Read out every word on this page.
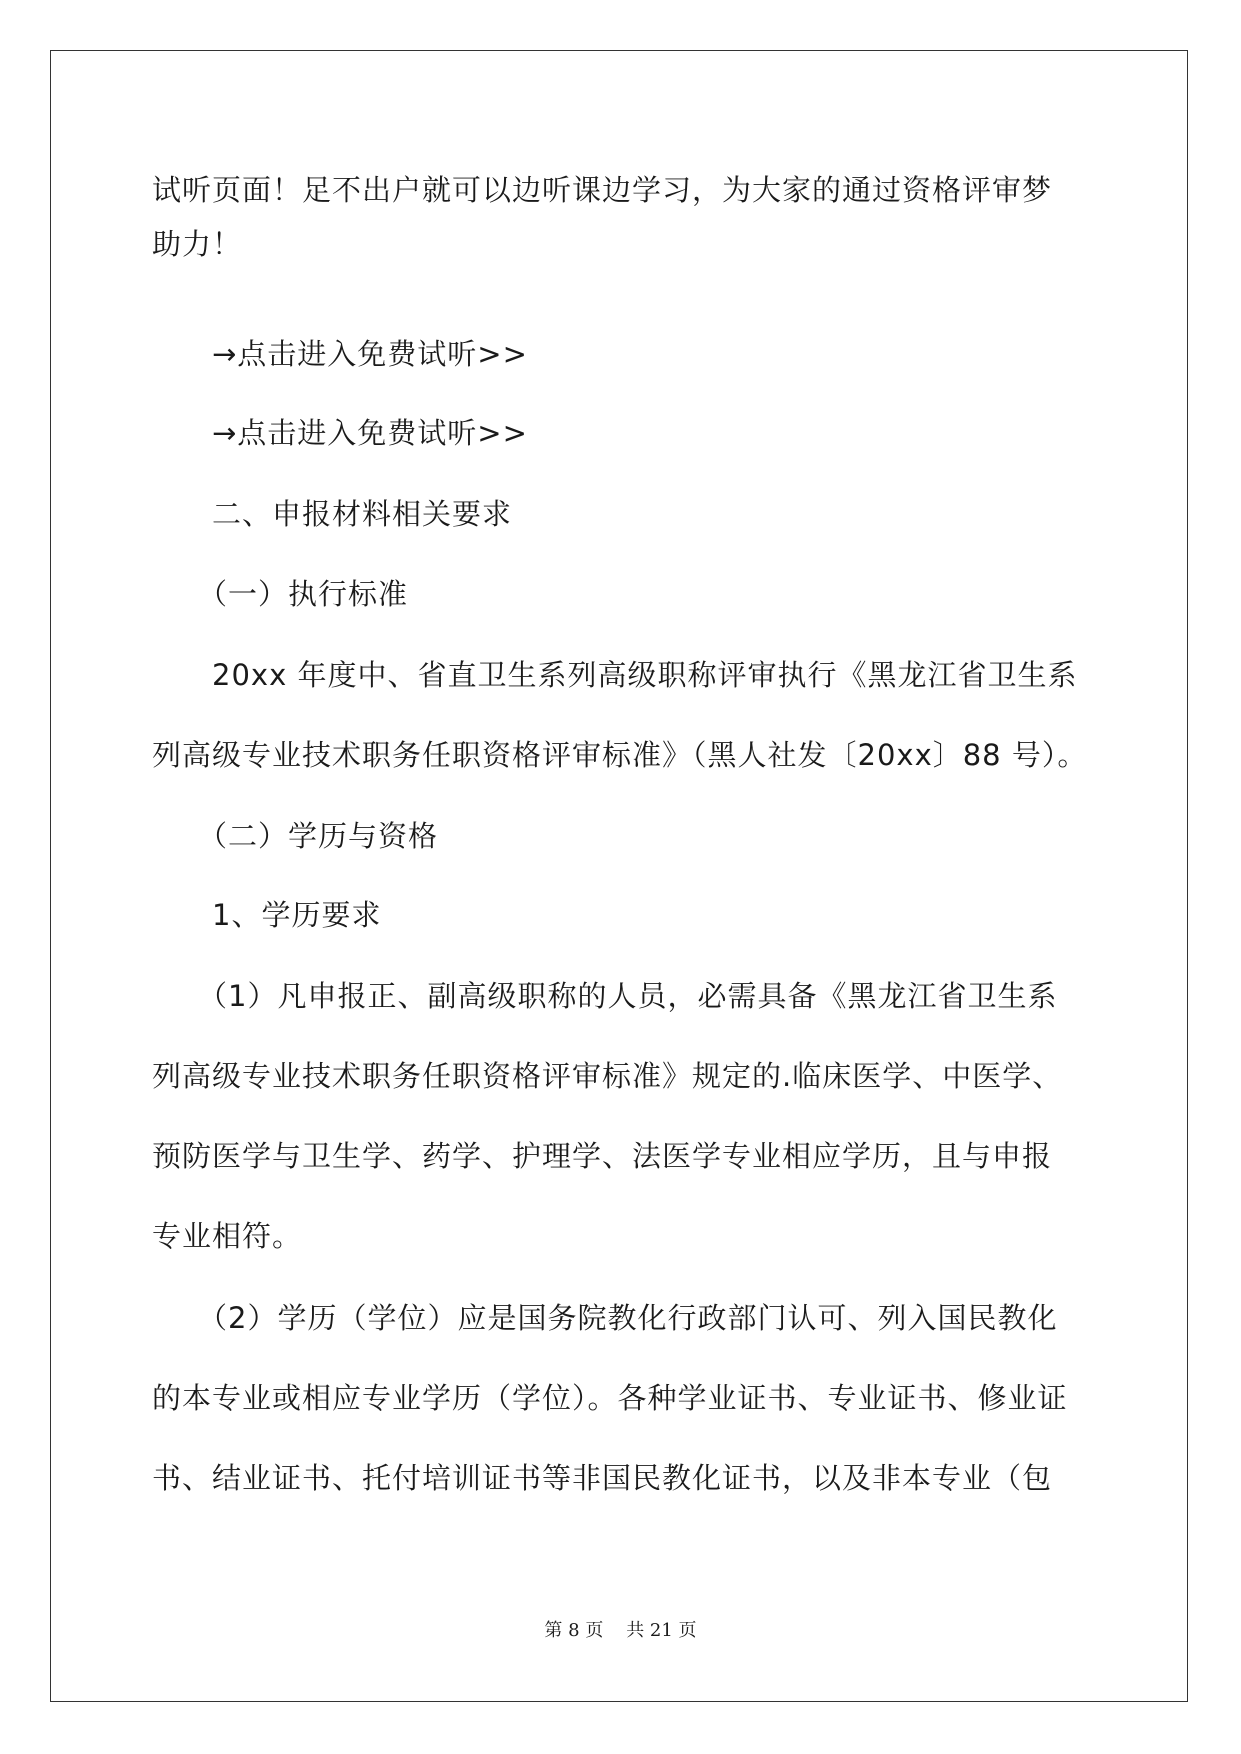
试听页面！足不出户就可以边听课边学习，为大家的通过资格评审梦
助力！
→点击进入免费试听>>
→点击进入免费试听>>
二、申报材料相关要求
（一）执行标准
20xx 年度中、省直卫生系列高级职称评审执行《黑龙江省卫生系
列高级专业技术职务任职资格评审标准》（黑人社发〔20xx〕88 号）。
（二）学历与资格
1、学历要求
（1）凡申报正、副高级职称的人员，必需具备《黑龙江省卫生系
列高级专业技术职务任职资格评审标准》规定的.临床医学、中医学、
预防医学与卫生学、药学、护理学、法医学专业相应学历，且与申报
专业相符。
（2）学历（学位）应是国务院教化行政部门认可、列入国民教化
的本专业或相应专业学历（学位）。各种学业证书、专业证书、修业证
书、结业证书、托付培训证书等非国民教化证书，以及非本专业（包
第 8 页    共 21 页
